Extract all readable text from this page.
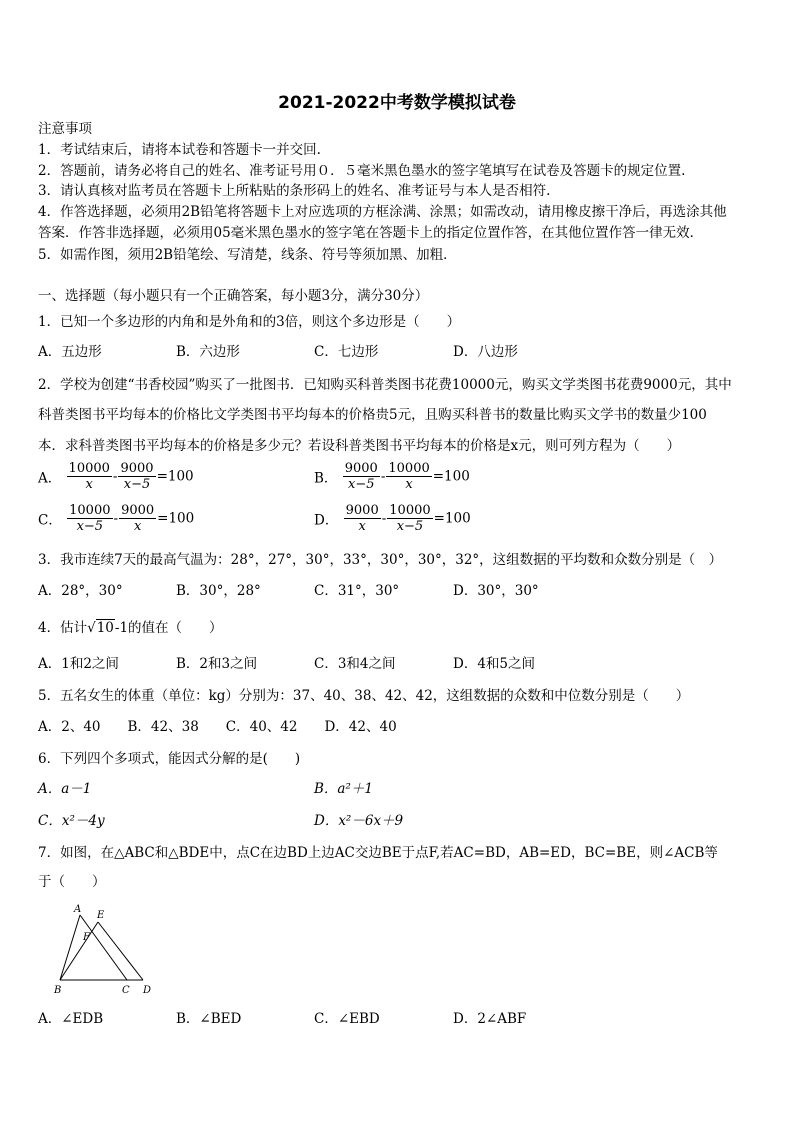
2021-2022中考数学模拟试卷
注意事项
1．考试结束后，请将本试卷和答题卡一并交回.
2．答题前，请务必将自己的姓名、准考证号用０．５毫米黑色墨水的签字笔填写在试卷及答题卡的规定位置.
3．请认真核对监考员在答题卡上所粘贴的条形码上的姓名、准考证号与本人是否相符.
4．作答选择题，必须用2B铅笔将答题卡上对应选项的方框涂满、涂黑；如需改动，请用橡皮擦干净后，再选涂其他
答案．作答非选择题，必须用05毫米黑色墨水的签字笔在答题卡上的指定位置作答，在其他位置作答一律无效．
5．如需作图，须用2B铅笔绘、写清楚，线条、符号等须加黑、加粗．
一、选择题（每小题只有一个正确答案，每小题3分，满分30分）
1．已知一个多边形的内角和是外角和的3倍，则这个多边形是（　　）
A．五边形	B．六边形	C．七边形	D．八边形
2．学校为创建“书香校园”购买了一批图书．已知购买科普类图书花费10000元，购买文学类图书花费9000元，其中
科普类图书平均每本的价格比文学类图书平均每本的价格贵5元，且购买科普书的数量比购买文学书的数量少100
本．求科普类图书平均每本的价格是多少元？若设科普类图书平均每本的价格是x元，则可列方程为（　　）
A． $\frac{10000}{x} - \frac{9000}{x-5} =100$	B． $\frac{9000}{x-5} - \frac{10000}{x} =100$
C． $\frac{10000}{x-5} - \frac{9000}{x} =100$	D． $\frac{9000}{x} - \frac{10000}{x-5} =100$
3．我市连续7天的最高气温为：28°，27°，30°，33°，30°，30°，32°，这组数据的平均数和众数分别是（　）
A．28°，30°	B．30°，28°	C．31°，30°	D．30°，30°
4．估计√10-1的值在（　　）
A．1和2之间	B．2和3之间	C．3和4之间	D．4和5之间
5．五名女生的体重（单位：kg）分别为：37、40、38、42、42，这组数据的众数和中位数分别是（　　）
A．2、40　　B．42、38　　C．40、42　　D．42、40
6．下列四个多项式，能因式分解的是(　　)
A．a－1	B．a²＋1
C．x²－4y	D．x²－6x＋9
7．如图，在△ABC和△BDE中，点C在边BD上边AC交边BE于点F,若AC=BD，AB=ED，BC=BE，则∠ACB等
于（　　）
A
E
F
B	C D
A．∠EDB	B．∠BED	C．∠EBD	D．2∠ABF
